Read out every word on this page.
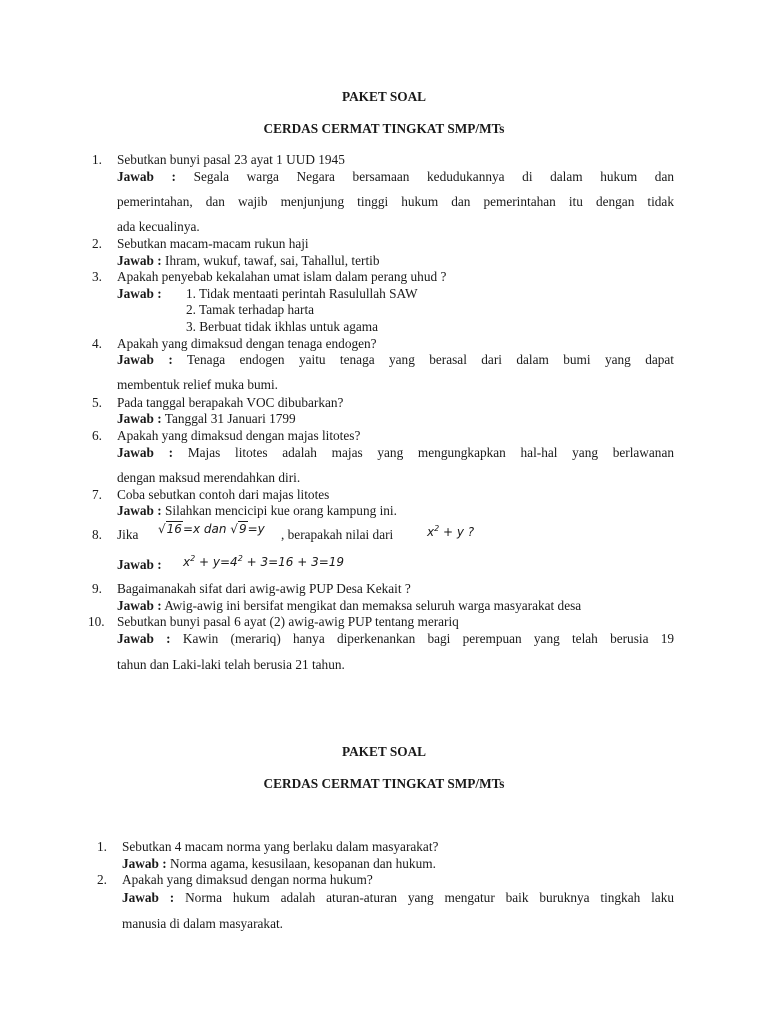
PAKET SOAL
CERDAS CERMAT TINGKAT SMP/MTs
1.	Sebutkan bunyi pasal 23 ayat 1 UUD 1945
Jawab : Segala warga Negara bersamaan kedudukannya di dalam hukum dan
pemerintahan, dan wajib menjunjung tinggi hukum dan pemerintahan itu dengan tidak
ada kecualinya.
2.	Sebutkan macam-macam rukun haji
Jawab : Ihram, wukuf, tawaf, sai, Tahallul, tertib
3.	Apakah penyebab kekalahan umat islam dalam perang uhud ?
Jawab : 1. Tidak mentaati perintah Rasulullah SAW
2. Tamak terhadap harta
3. Berbuat tidak ikhlas untuk agama
4.	Apakah yang dimaksud dengan tenaga endogen?
Jawab : Tenaga endogen yaitu tenaga yang berasal dari dalam bumi yang dapat
membentuk relief muka bumi.
5.	Pada tanggal berapakah VOC dibubarkan?
Jawab : Tanggal 31 Januari 1799
6.	Apakah yang dimaksud dengan majas litotes?
Jawab : Majas litotes adalah majas yang mengungkapkan hal-hal yang berlawanan
dengan maksud merendahkan diri.
7.	Coba sebutkan contoh dari majas litotes
Jawab : Silahkan mencicipi kue orang kampung ini.
8.	Jika √16=x dan √9=y , berapakah nilai dari	$x^2 + y$ ?
Jawab : $x^2 + y=4^2 + 3=16 + 3=19$
9.	Bagaimanakah sifat dari awig-awig PUP Desa Kekait ?
Jawab : Awig-awig ini bersifat mengikat dan memaksa seluruh warga masyarakat desa
10. Sebutkan bunyi pasal 6 ayat (2) awig-awig PUP tentang merariq
Jawab : Kawin (merariq) hanya diperkenankan bagi perempuan yang telah berusia 19
tahun dan Laki-laki telah berusia 21 tahun.
PAKET SOAL
CERDAS CERMAT TINGKAT SMP/MTs
1.	Sebutkan 4 macam norma yang berlaku dalam masyarakat?
Jawab : Norma agama, kesusilaan, kesopanan dan hukum.
2.	Apakah yang dimaksud dengan norma hukum?
Jawab : Norma hukum adalah aturan-aturan yang mengatur baik buruknya tingkah laku
manusia di dalam masyarakat.
